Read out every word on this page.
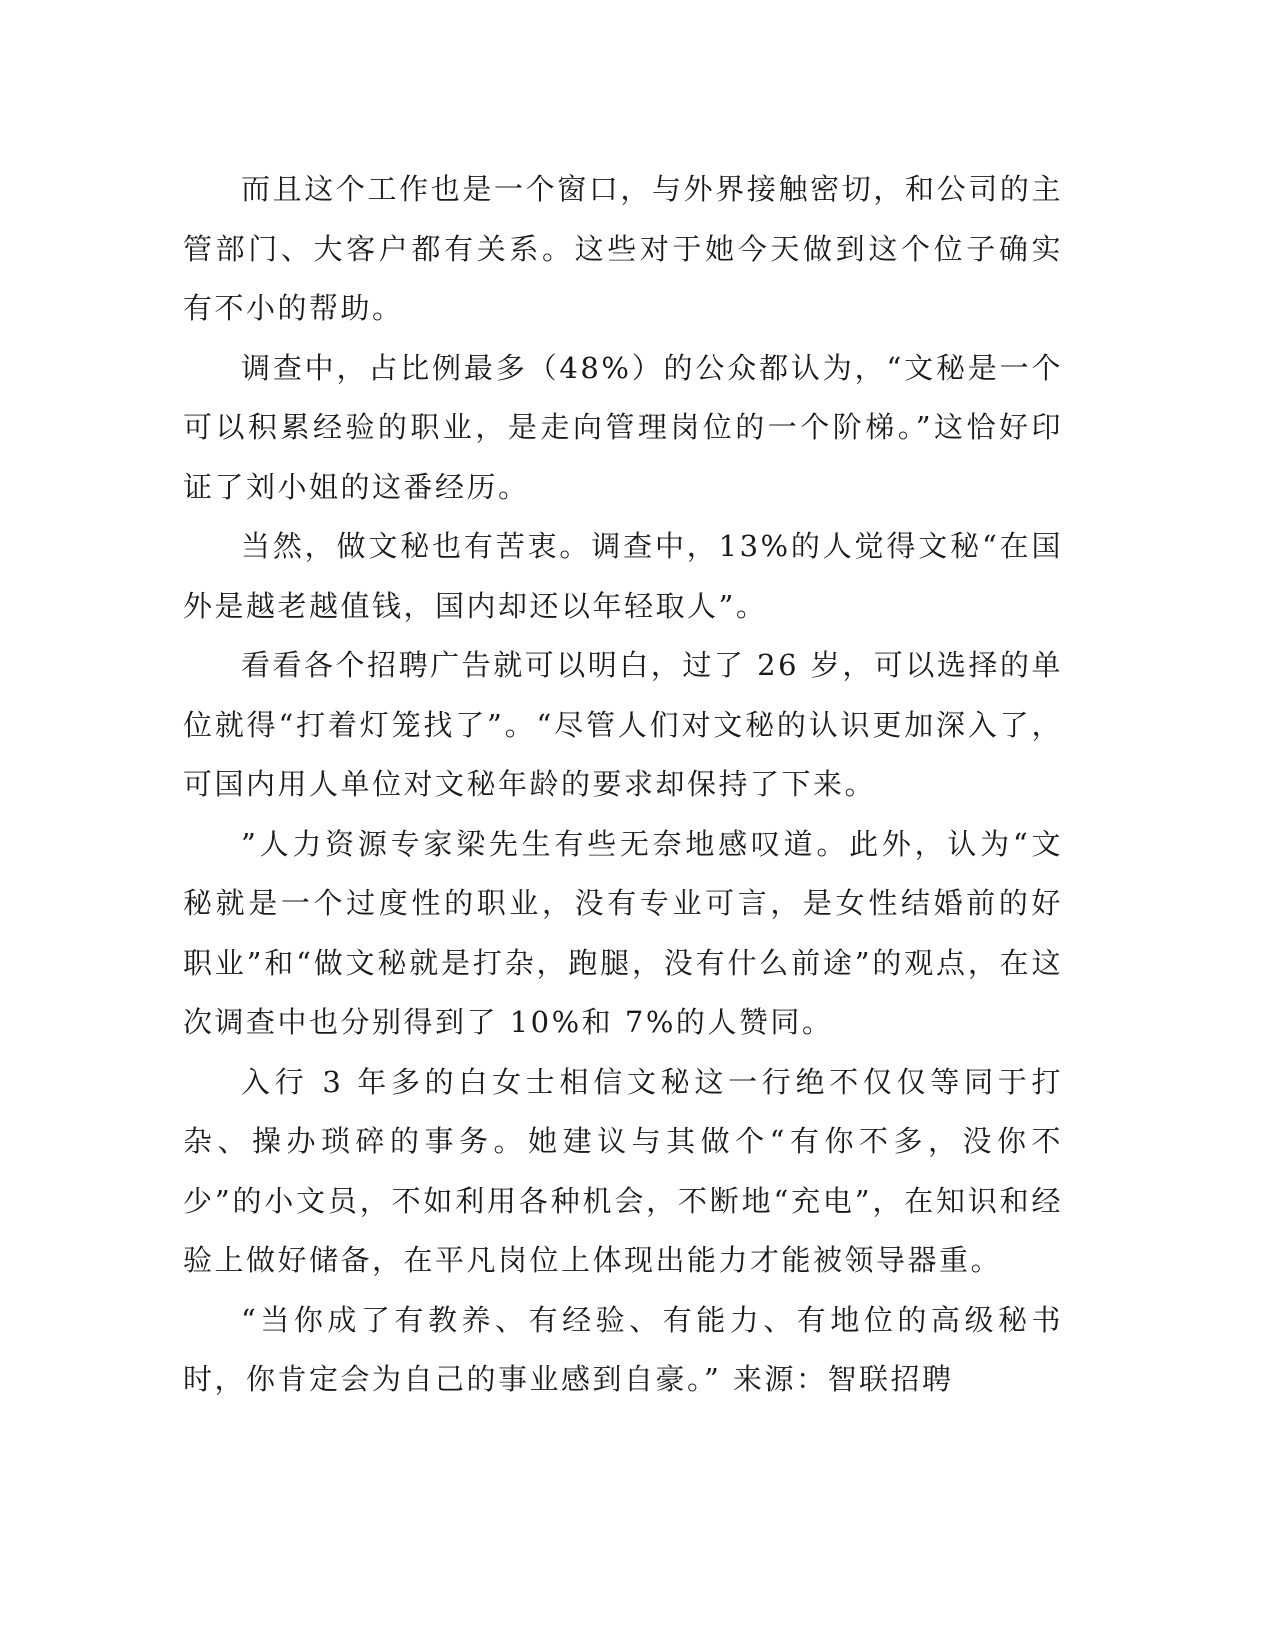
而且这个工作也是一个窗口，与外界接触密切，和公司的主管部门、大客户都有关系。这些对于她今天做到这个位子确实有不小的帮助。

调查中，占比例最多（48%）的公众都认为，“文秘是一个可以积累经验的职业，是走向管理岗位的一个阶梯。”这恰好印证了刘小姐的这番经历。

当然，做文秘也有苦衷。调查中，13%的人觉得文秘“在国外是越老越值钱，国内却还以年轻取人”。

看看各个招聘广告就可以明白，过了 26 岁，可以选择的单位就得“打着灯笼找了”。“尽管人们对文秘的认识更加深入了，可国内用人单位对文秘年龄的要求却保持了下来。

”人力资源专家梁先生有些无奈地感叹道。此外，认为“文秘就是一个过度性的职业，没有专业可言，是女性结婚前的好职业”和“做文秘就是打杂，跑腿，没有什么前途”的观点，在这次调查中也分别得到了 10%和 7%的人赞同。

入行 3 年多的白女士相信文秘这一行绝不仅仅等同于打杂、操办琐碎的事务。她建议与其做个“有你不多，没你不少”的小文员，不如利用各种机会，不断地“充电”，在知识和经验上做好储备，在平凡岗位上体现出能力才能被领导器重。

“当你成了有教养、有经验、有能力、有地位的高级秘书时，你肯定会为自己的事业感到自豪。” 来源：智联招聘
